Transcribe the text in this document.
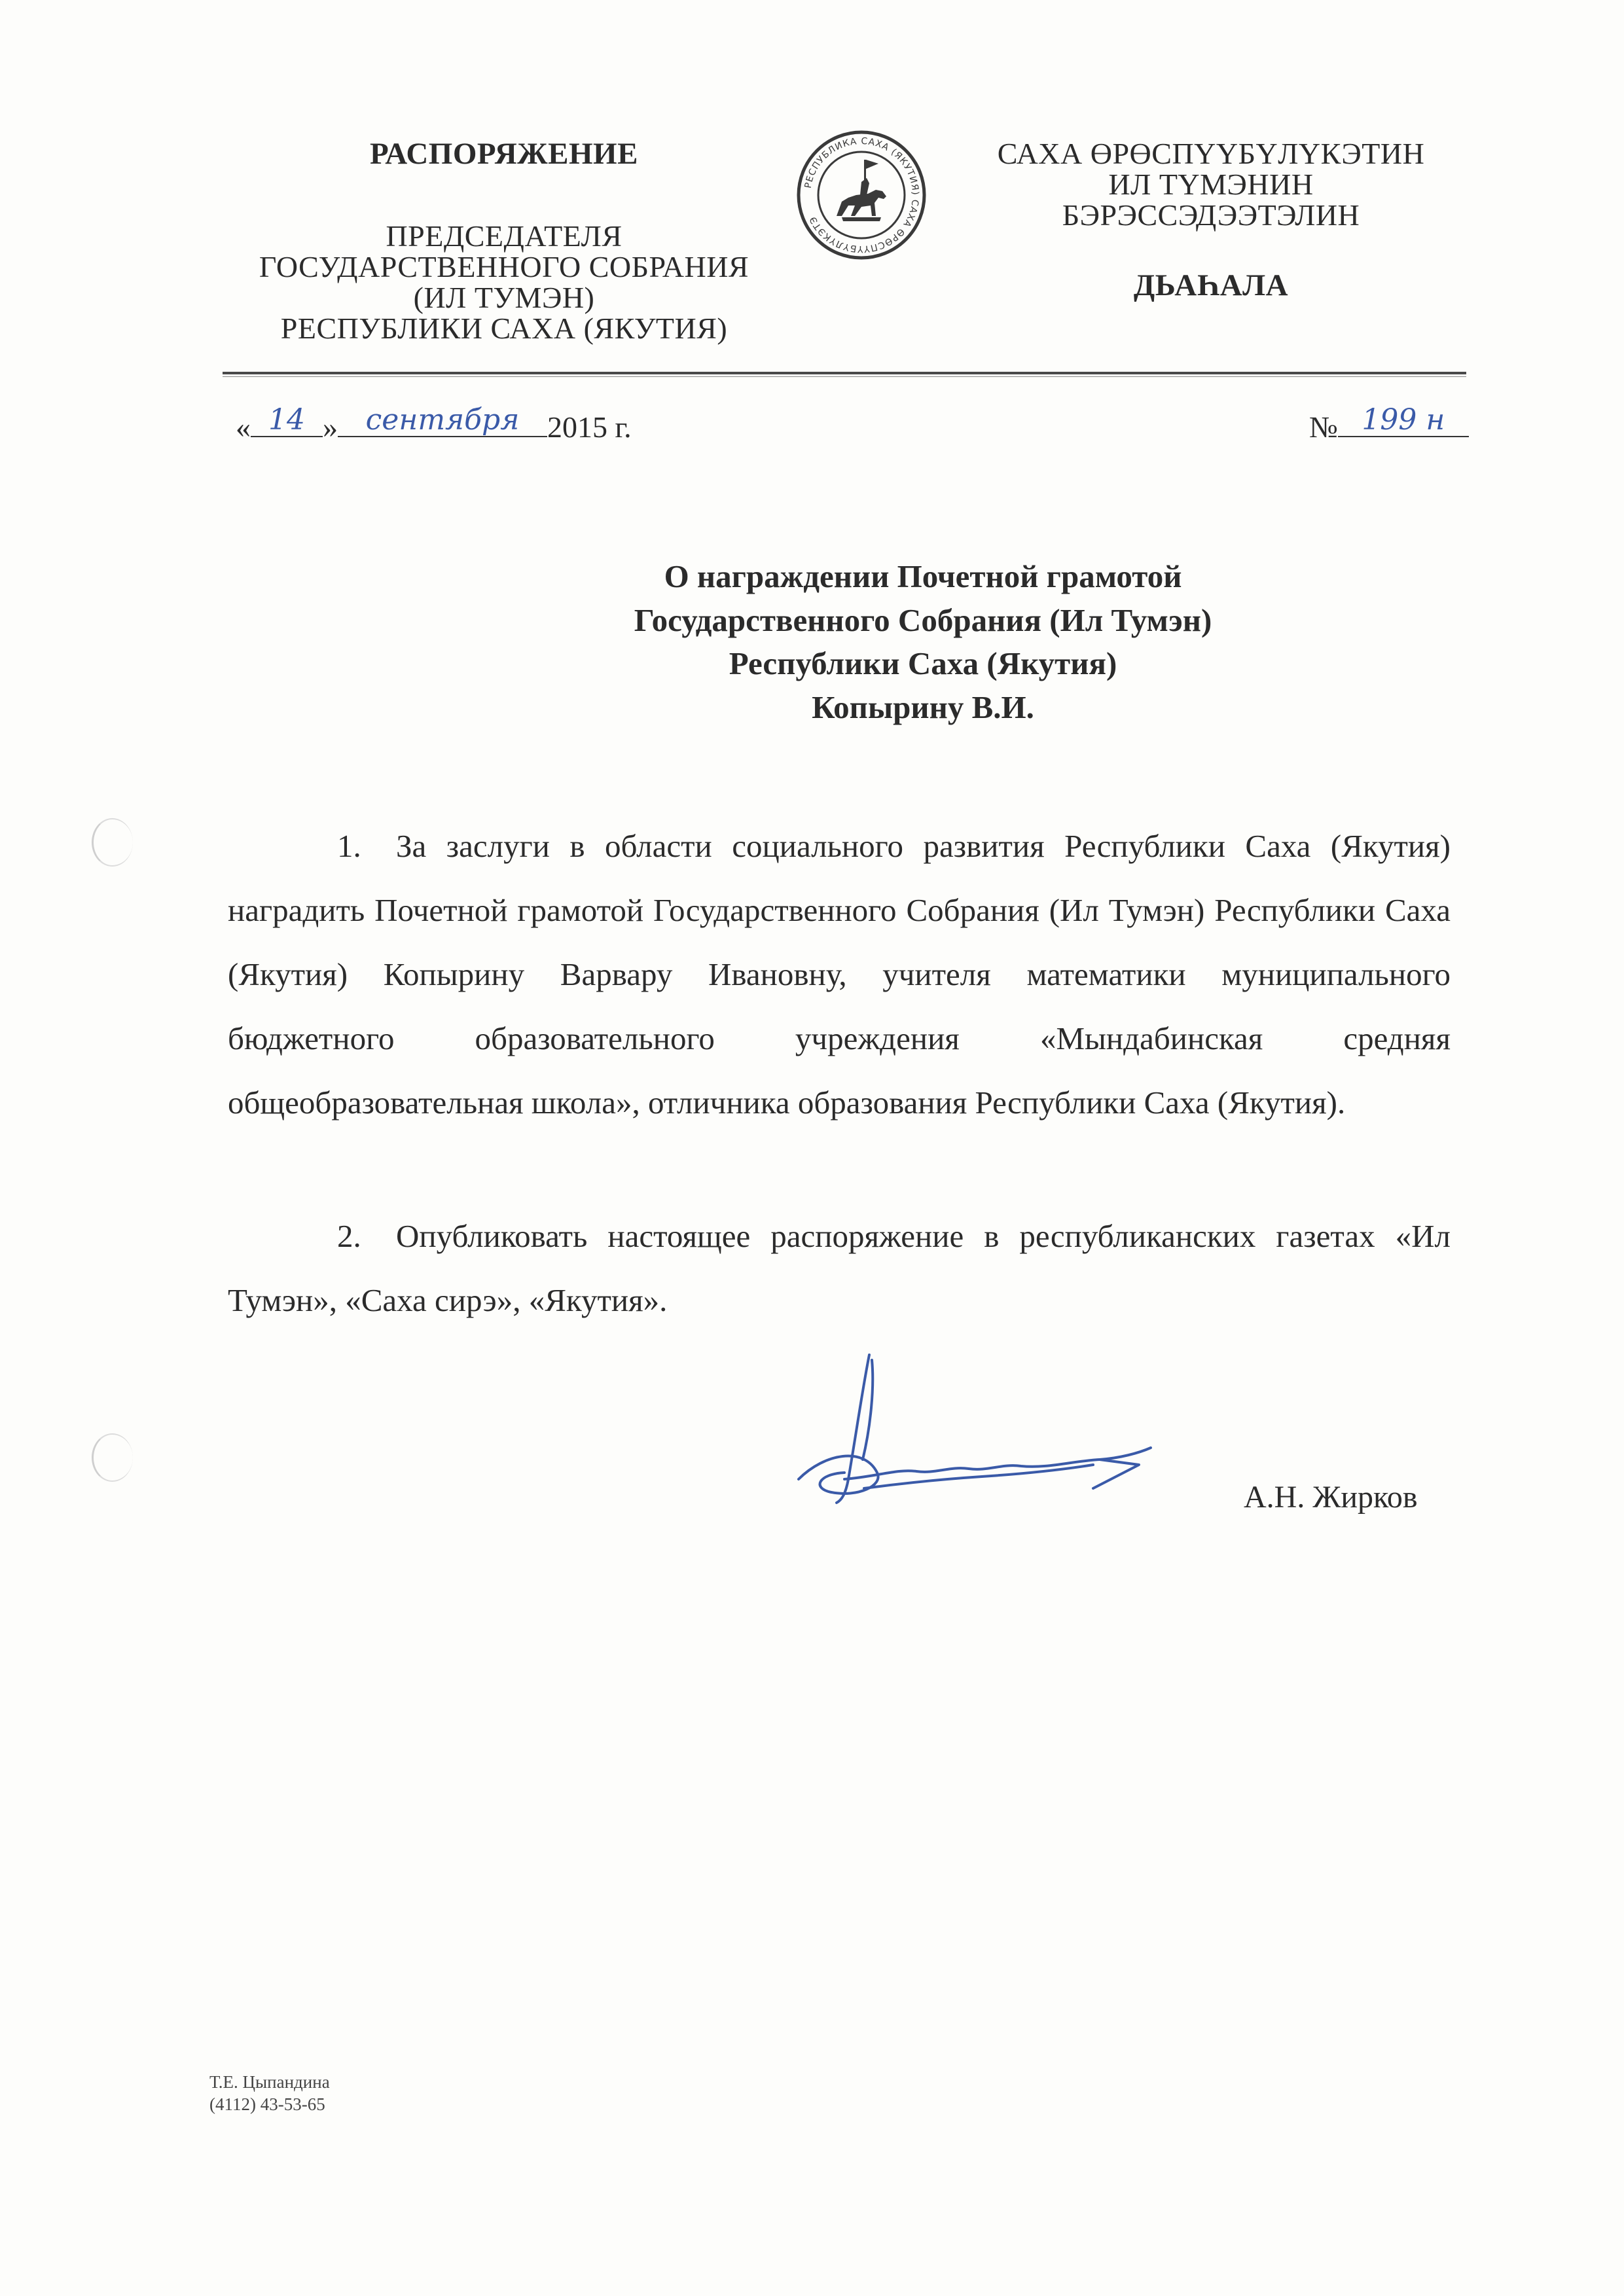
РАСПОРЯЖЕНИЕ
ПРЕДСЕДАТЕЛЯ
ГОСУДАРСТВЕННОГО СОБРАНИЯ
(ИЛ ТУМЭН)
РЕСПУБЛИКИ САХА (ЯКУТИЯ)
РЕСПУБЛИКА САХА (ЯКУТИЯ) САХА ӨРӨСПҮҮБҮЛҮКЭТЭ
САХА ӨРӨСПҮҮБҮЛҮКЭТИН
ИЛ ТҮМЭНИН
БЭРЭССЭДЭЭТЭЛИН
ДЬАҺАЛА
« 14 » сентября 2015 г.	№ 199 н
О награждении Почетной грамотой
Государственного Собрания (Ил Тумэн)
Республики Саха (Якутия)
Копырину В.И.
1. За заслуги в области социального развития Республики Саха (Якутия) наградить Почетной грамотой Государственного Собрания (Ил Тумэн) Республики Саха (Якутия) Копырину Варвару Ивановну, учителя математики муниципального бюджетного образовательного учреждения «Мындабинская средняя общеобразовательная школа», отличника образования Республики Саха (Якутия).
2. Опубликовать настоящее распоряжение в республиканских газетах «Ил Тумэн», «Саха сирэ», «Якутия».
А.Н. Жирков
Т.Е. Цыпандина
(4112) 43-53-65
